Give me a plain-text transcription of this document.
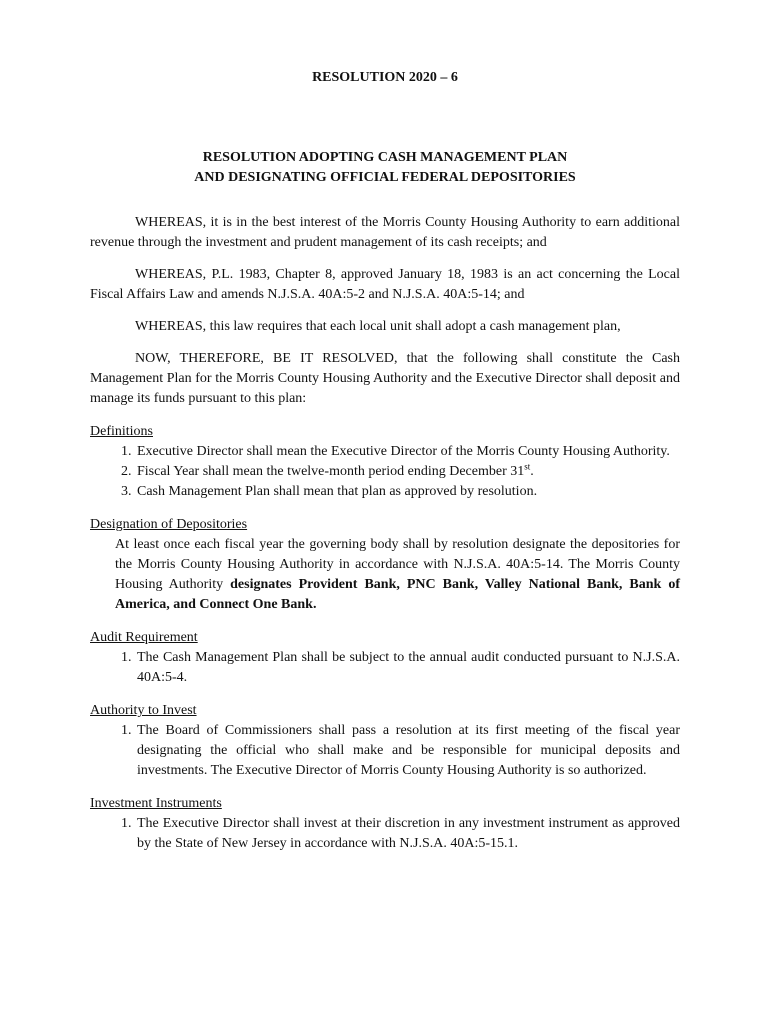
RESOLUTION 2020 – 6
RESOLUTION ADOPTING CASH MANAGEMENT PLAN
AND DESIGNATING OFFICIAL FEDERAL DEPOSITORIES

WHEREAS, it is in the best interest of the Morris County Housing Authority to earn additional revenue through the investment and prudent management of its cash receipts; and

WHEREAS, P.L. 1983, Chapter 8, approved January 18, 1983 is an act concerning the Local Fiscal Affairs Law and amends N.J.S.A. 40A:5-2 and N.J.S.A. 40A:5-14; and

WHEREAS, this law requires that each local unit shall adopt a cash management plan,

NOW, THEREFORE, BE IT RESOLVED, that the following shall constitute the Cash Management Plan for the Morris County Housing Authority and the Executive Director shall deposit and manage its funds pursuant to this plan:

Definitions
1. Executive Director shall mean the Executive Director of the Morris County Housing Authority.
2. Fiscal Year shall mean the twelve-month period ending December 31st.
3. Cash Management Plan shall mean that plan as approved by resolution.
Designation of Depositories
At least once each fiscal year the governing body shall by resolution designate the depositories for the Morris County Housing Authority in accordance with N.J.S.A. 40A:5-14. The Morris County Housing Authority designates Provident Bank, PNC Bank, Valley National Bank, Bank of America, and Connect One Bank.
Audit Requirement
1. The Cash Management Plan shall be subject to the annual audit conducted pursuant to N.J.S.A. 40A:5-4.
Authority to Invest
1. The Board of Commissioners shall pass a resolution at its first meeting of the fiscal year designating the official who shall make and be responsible for municipal deposits and investments. The Executive Director of Morris County Housing Authority is so authorized.
Investment Instruments
1. The Executive Director shall invest at their discretion in any investment instrument as approved by the State of New Jersey in accordance with N.J.S.A. 40A:5-15.1.
